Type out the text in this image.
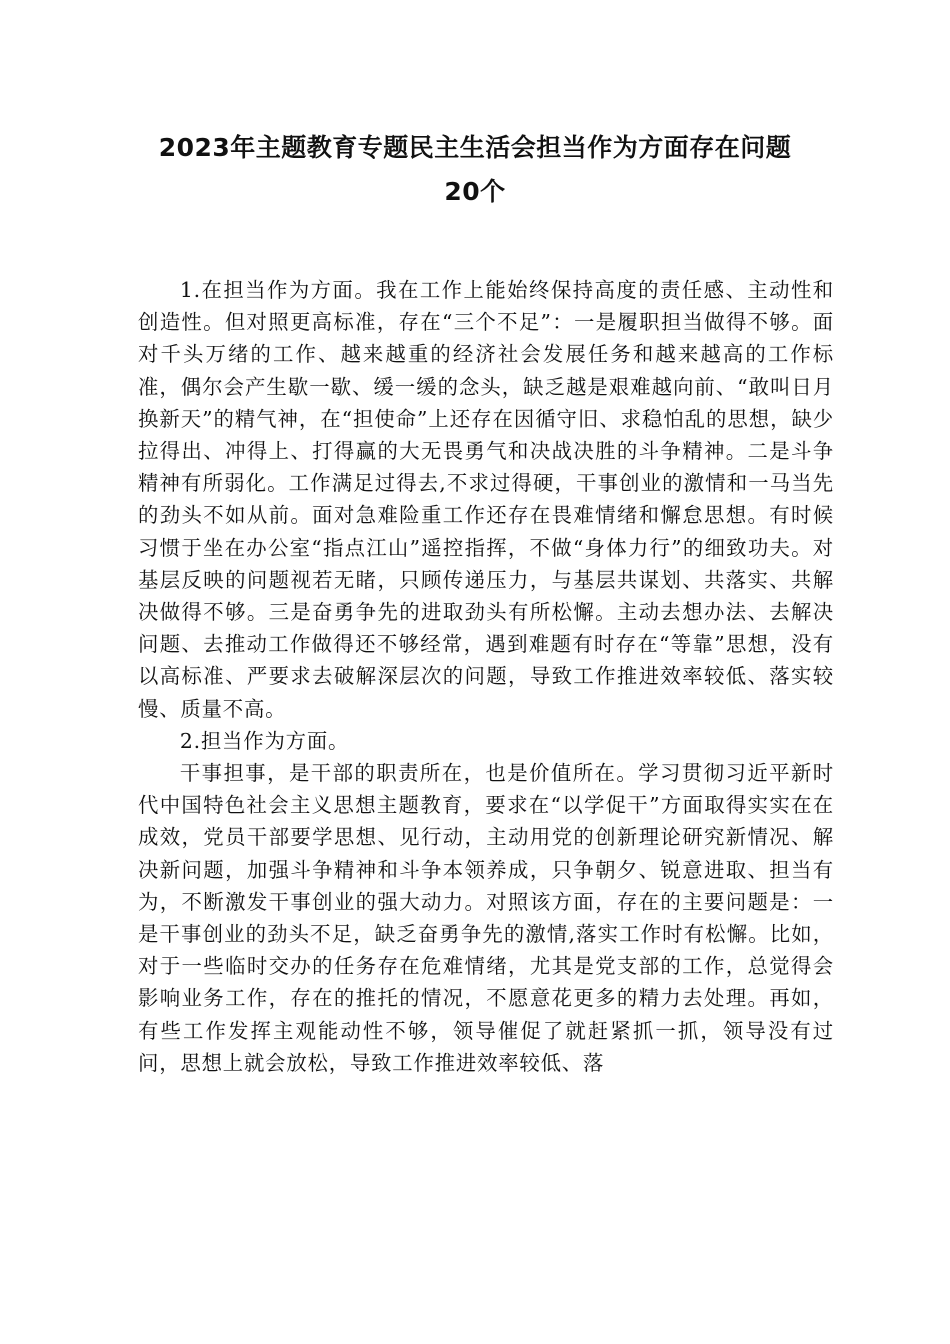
2023年主题教育专题民主生活会担当作为方面存在问题
20个

1.在担当作为方面。我在工作上能始终保持高度的责任感、主动性和创造性。但对照更高标准，存在“三个不足”：一是履职担当做得不够。面对千头万绪的工作、越来越重的经济社会发展任务和越来越高的工作标准，偶尔会产生歇一歇、缓一缓的念头，缺乏越是艰难越向前、“敢叫日月换新天”的精气神，在“担使命”上还存在因循守旧、求稳怕乱的思想，缺少拉得出、冲得上、打得赢的大无畏勇气和决战决胜的斗争精神。二是斗争精神有所弱化。工作满足过得去,不求过得硬，干事创业的激情和一马当先的劲头不如从前。面对急难险重工作还存在畏难情绪和懈怠思想。有时候习惯于坐在办公室“指点江山”遥控指挥，不做“身体力行”的细致功夫。对基层反映的问题视若无睹，只顾传递压力，与基层共谋划、共落实、共解决做得不够。三是奋勇争先的进取劲头有所松懈。主动去想办法、去解决问题、去推动工作做得还不够经常，遇到难题有时存在“等靠”思想，没有以高标准、严要求去破解深层次的问题，导致工作推进效率较低、落实较慢、质量不高。

2.担当作为方面。

干事担事，是干部的职责所在，也是价值所在。学习贯彻习近平新时代中国特色社会主义思想主题教育，要求在“以学促干”方面取得实实在在成效，党员干部要学思想、见行动，主动用党的创新理论研究新情况、解决新问题，加强斗争精神和斗争本领养成，只争朝夕、锐意进取、担当有为，不断激发干事创业的强大动力。对照该方面，存在的主要问题是：一是干事创业的劲头不足，缺乏奋勇争先的激情,落实工作时有松懈。比如，对于一些临时交办的任务存在危难情绪，尤其是党支部的工作，总觉得会影响业务工作，存在的推托的情况，不愿意花更多的精力去处理。再如，有些工作发挥主观能动性不够，领导催促了就赶紧抓一抓，领导没有过问，思想上就会放松，导致工作推进效率较低、落
